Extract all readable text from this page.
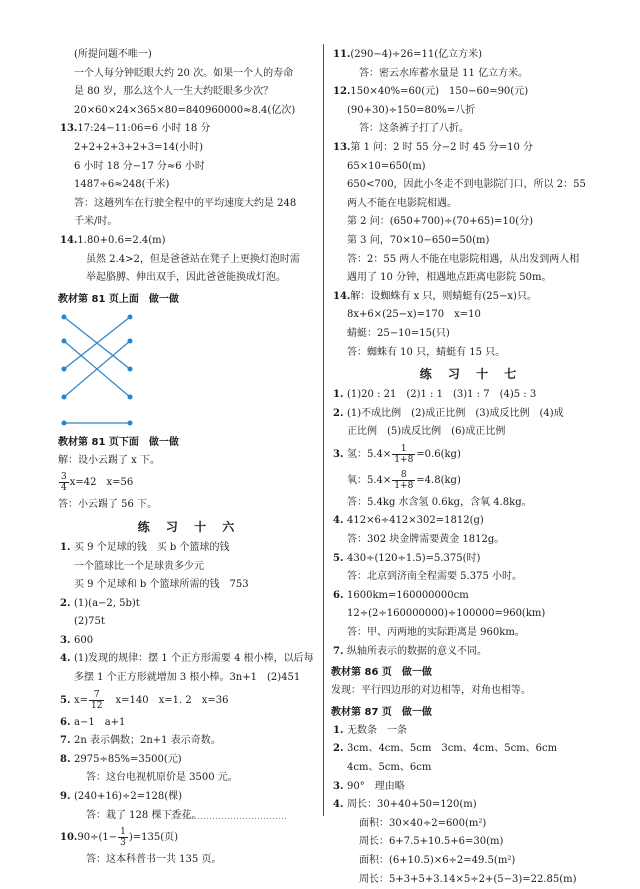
(所提问题不唯一)
一个人每分钟眨眼大约 20 次。如果一个人的寿命
是 80 岁，那么这个人一生大约眨眼多少次？
20×60×24×365×80=840960000≈8.4(亿次)
13.17:24−11:06=6 小时 18 分
2+2+2+3+2+3=14(小时)
6 小时 18 分−17 分≈6 小时
1487÷6≈248(千米)
答：这趟列车在行驶全程中的平均速度大约是 248
千米/时。
14.1.80+0.6=2.4(m)
虽然 2.4>2，但是爸爸站在凳子上更换灯泡时需
举起胳膊、伸出双手，因此爸爸能换成灯泡。
教材第 81 页上面　做一做
教材第 81 页下面　做一做
解：设小云踢了 x 下。
$\frac{3}{4} x=42$　x=56
答：小云踢了 56 下。
练 习 十 六
1. 买 9 个足球的钱　买 b 个篮球的钱
一个篮球比一个足球贵多少元
买 9 个足球和 b 个篮球所需的钱　753
2. (1)(a−2, 5b)t
(2)75t
3. 600
4. (1)发现的规律：摆 1 个正方形需要 4 根小棒，以后每
多摆 1 个正方形就增加 3 根小棒。3n+1　(2)451
5. $x= \frac{7}{12}$
　 x=140　x=1. 2　x=36
6. a−1　a+1
7. 2n 表示偶数；2n+1 表示奇数。
8. 2975÷85%=3500(元)
答：这台电视机原价是 3500 元。
9. (240+16)÷2=128(棵)
答：栽了 128 棵下香花。
$10.90\div(1- \frac{1}{3} )=135$(页)
答：这本科普书一共 135 页。
11.(290−4)÷26=11(亿立方米)
答：密云水库蓄水量是 11 亿立方米。
12.150×40%=60(元)　150−60=90(元)
(90+30)÷150=80%=八折
答：这条裤子打了八折。
13.第 1 问：2 时 55 分−2 时 45 分=10 分
65×10=650(m)
650<700，因此小冬走不到电影院门口，所以 2：55
两人不能在电影院相遇。
第 2 问：(650+700)÷(70+65)=10(分)
第 3 问，70×10−650=50(m)
答：2：55 两人不能在电影院相遇，从出发到两人相
遇用了 10 分钟，相遇地点距离电影院 50m。
14.解：设蜘蛛有 x 只，则蜻蜓有(25−x)只。
8x+6×(25−x)=170　x=10
蜻蜓：25−10=15(只)
答：蜘蛛有 10 只，蜻蜓有 15 只。
练 习 十 七
1. (1)20 : 21　(2)1 : 1　(3)1 : 7　(4)5 : 3
2. (1)不成比例　(2)成正比例　(3)成反比例　(4)成
正比例　(5)成反比例　(6)成正比例
3. 氢：$5.4\times \frac{1}{1+8} =0.6(kg)$
氧：$5.4\times \frac{8}{1+8} =4.8(kg)$
答：5.4kg 水含氢 0.6kg，含氧 4.8kg。
4. 412×6÷412×302=1812(g)
答：302 块金牌需要黄金 1812g。
5. 430÷(120÷1.5)=5.375(时)
答：北京到济南全程需要 5.375 小时。
6. 1600km=160000000cm
12÷(2÷160000000)÷100000=960(km)
答：甲、丙两地的实际距离是 960km。
7. 纵轴所表示的数据的意义不同。
教材第 86 页　做一做
发现：平行四边形的对边相等，对角也相等。
教材第 87 页　做一做
1. 无数条　一条
2. 3cm、4cm、5cm　3cm、4cm、5cm、6cm
4cm、5cm、6cm
3. 90°　理由略
4. 周长：30+40+50=120(m)
面积：30×40÷2=600(m²)
周长：6+7.5+10.5+6=30(m)
面积：(6+10.5)×6÷2=49.5(m²)
周长：5+3+5+3.14×5÷2+(5−3)=22.85(m)
…………………………………
